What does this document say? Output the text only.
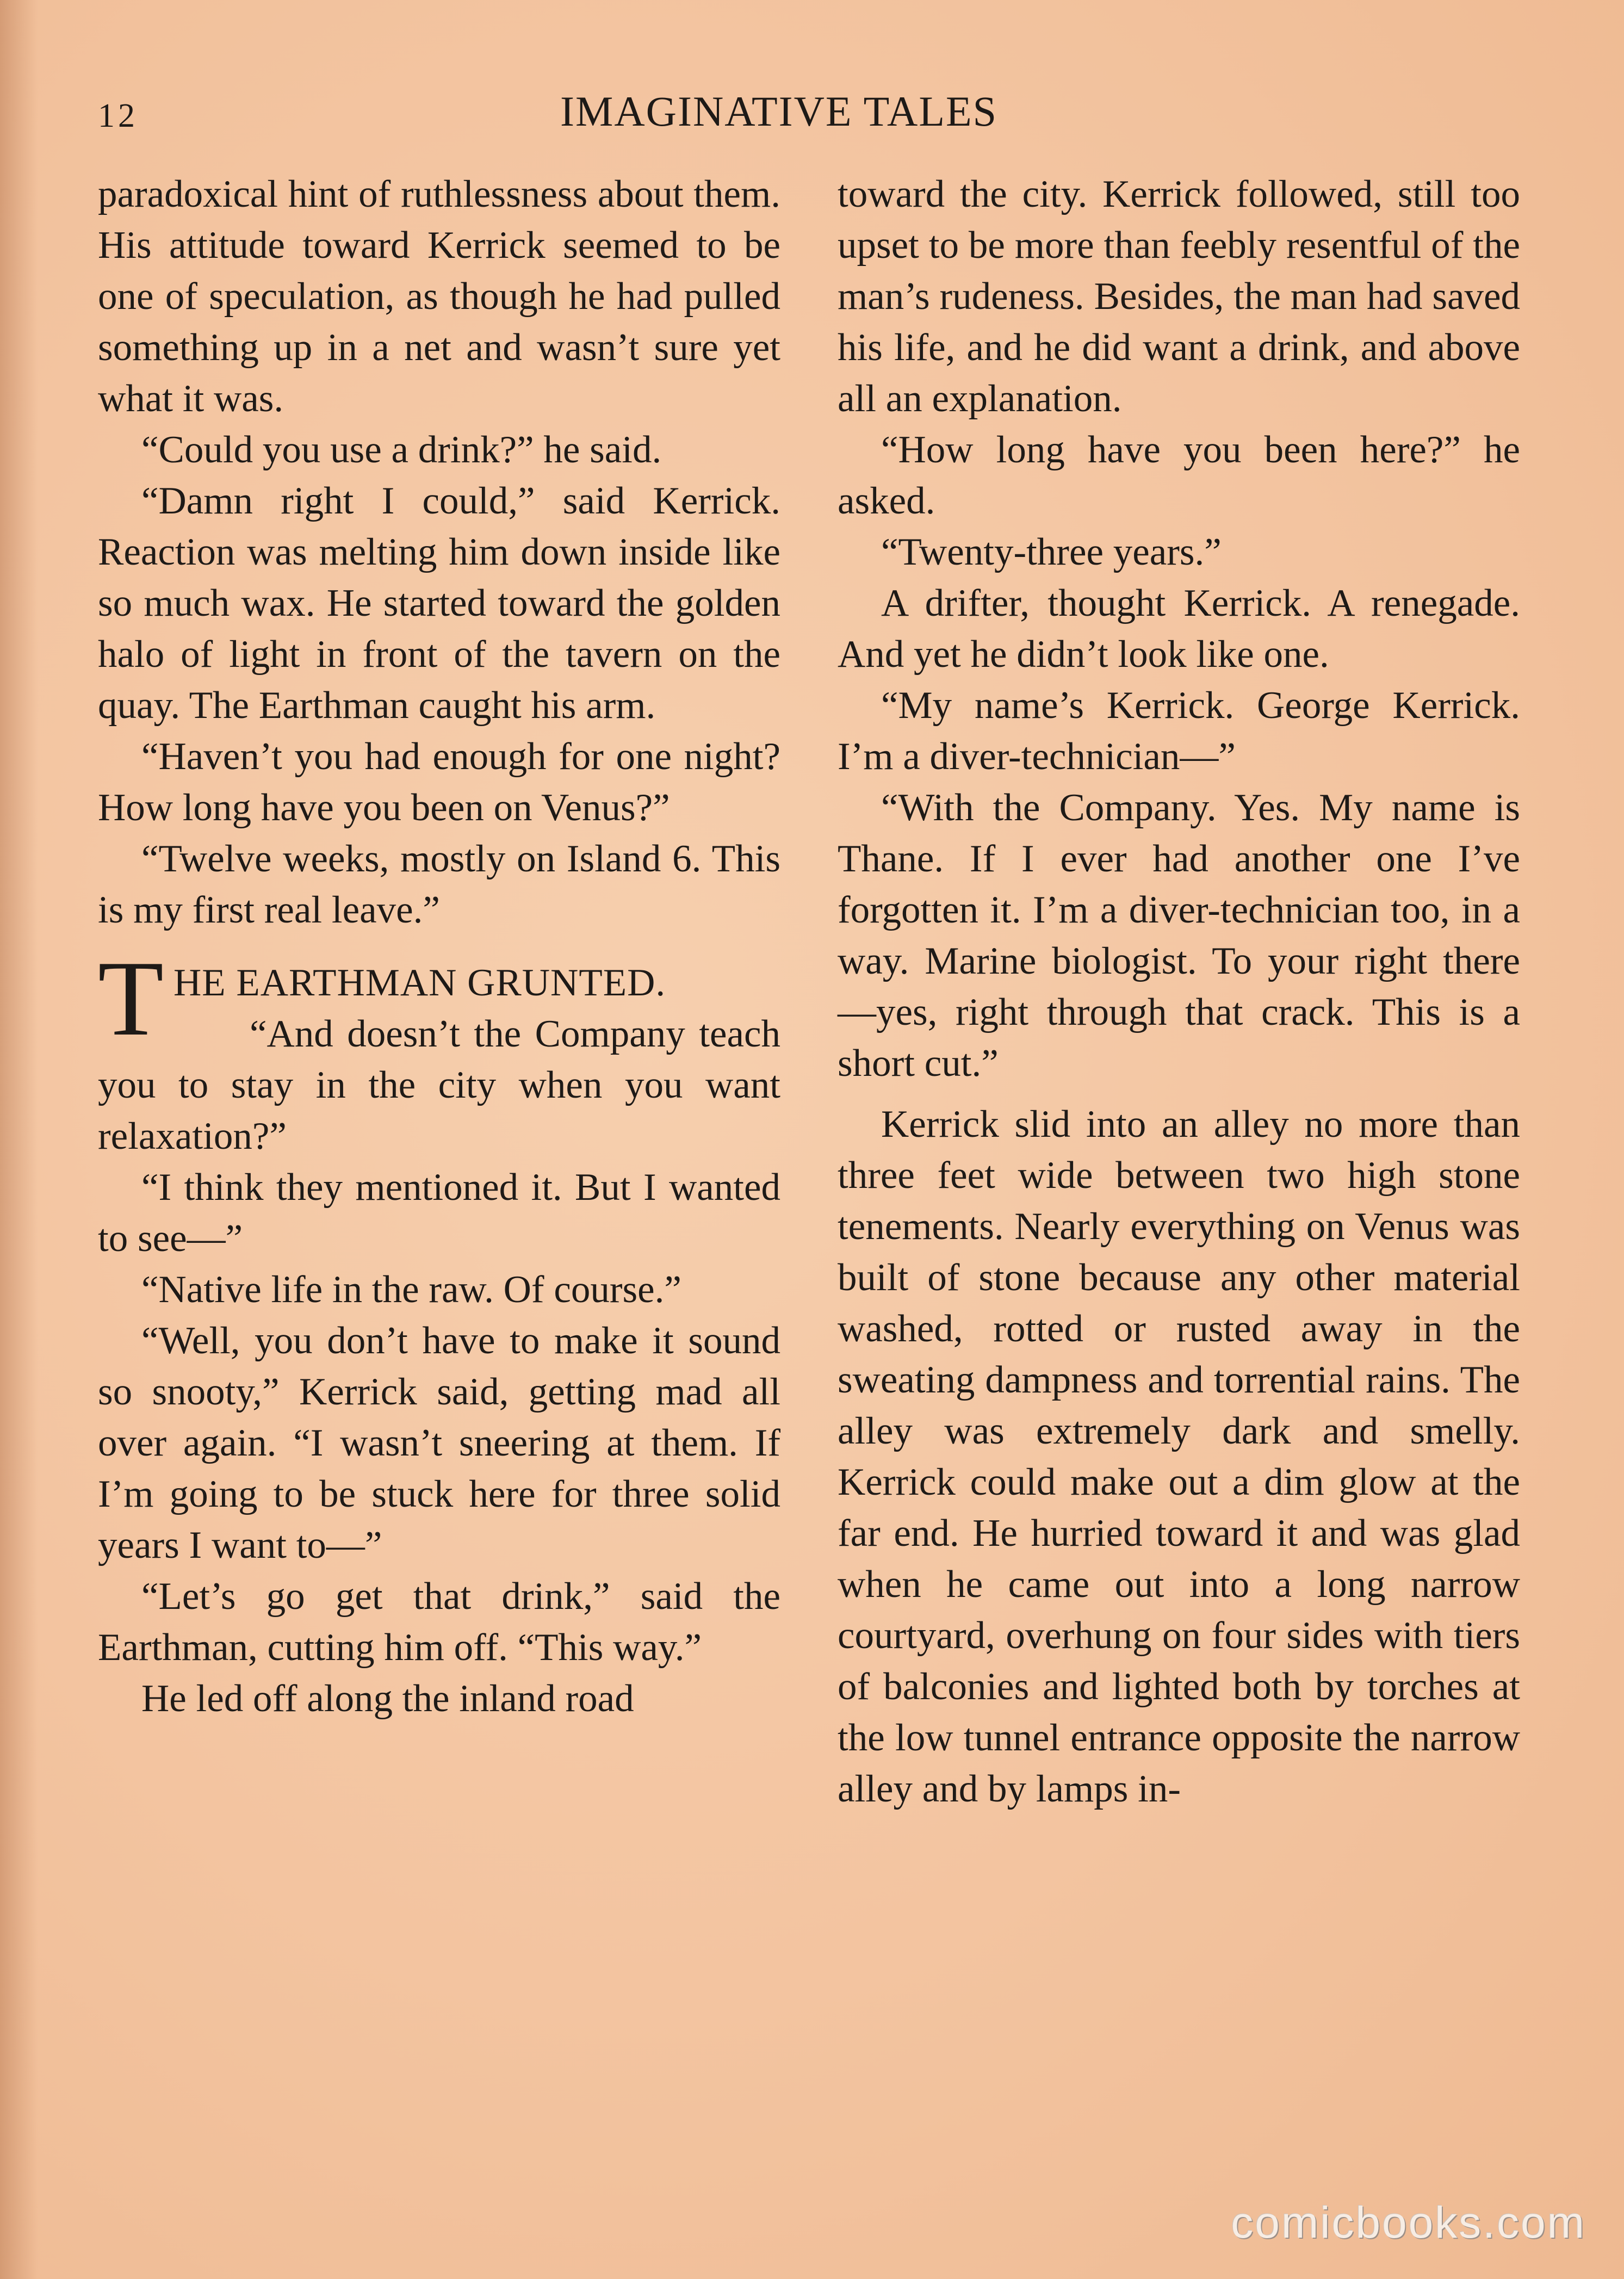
12	IMAGINATIVE TALES

paradoxical hint of ruthlessness about them. His attitude toward Kerrick seemed to be one of speculation, as though he had pulled something up in a net and wasn’t sure yet what it was.

“Could you use a drink?” he said.

“Damn right I could,” said Kerrick. Reaction was melting him down inside like so much wax. He started toward the golden halo of light in front of the tavern on the quay. The Earthman caught his arm.

“Haven’t you had enough for one night? How long have you been on Venus?”

“Twelve weeks, mostly on Island 6. This is my first real leave.”

T HE EARTHMAN GRUNTED.

“And doesn’t the Company teach you to stay in the city when you want relaxation?”

“I think they mentioned it. But I wanted to see—”

“Native life in the raw. Of course.”

“Well, you don’t have to make it sound so snooty,” Kerrick said, getting mad all over again. “I wasn’t sneering at them. If I’m going to be stuck here for three solid years I want to—”

“Let’s go get that drink,” said the Earthman, cutting him off. “This way.”

He led off along the inland road

toward the city. Kerrick followed, still too upset to be more than feebly resentful of the man’s rudeness. Besides, the man had saved his life, and he did want a drink, and above all an explanation.

“How long have you been here?” he asked.

“Twenty-three years.”

A drifter, thought Kerrick. A renegade. And yet he didn’t look like one.

“My name’s Kerrick. George Kerrick. I’m a diver-technician—”

“With the Company. Yes. My name is Thane. If I ever had another one I’ve forgotten it. I’m a diver-technician too, in a way. Marine biologist. To your right there—yes, right through that crack. This is a short cut.”

Kerrick slid into an alley no more than three feet wide between two high stone tenements. Nearly everything on Venus was built of stone because any other material washed, rotted or rusted away in the sweating dampness and torrential rains. The alley was extremely dark and smelly. Kerrick could make out a dim glow at the far end. He hurried toward it and was glad when he came out into a long narrow courtyard, overhung on four sides with tiers of balconies and lighted both by torches at the low tunnel entrance opposite the narrow alley and by lamps in-

comicbooks.com
